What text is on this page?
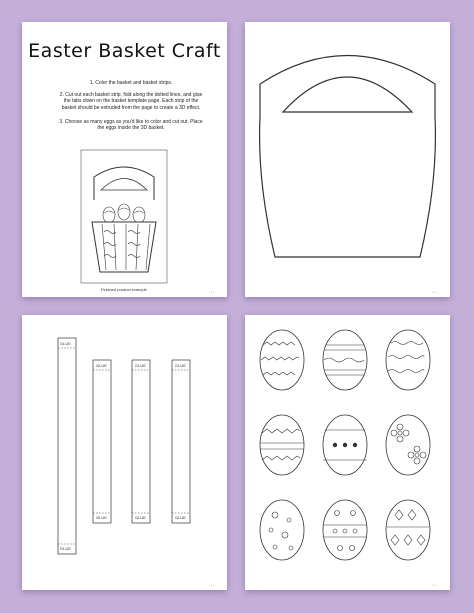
Easter Basket Craft
1. Color the basket and basket strips.
2. Cut out each basket strip, fold along the dotted lines, and glue the tabs down on the basket template page. Each strip of the basket should be extruded from the page to create a 3D effect.
3. Choose as many eggs as you'd like to color and cut out. Place the eggs inside the 3D basket.
Finished product example	•••	•••
GLUE
GLUE
GLUE
GLUE
GLUE
GLUE
GLUE
GLUE
•••	•••
